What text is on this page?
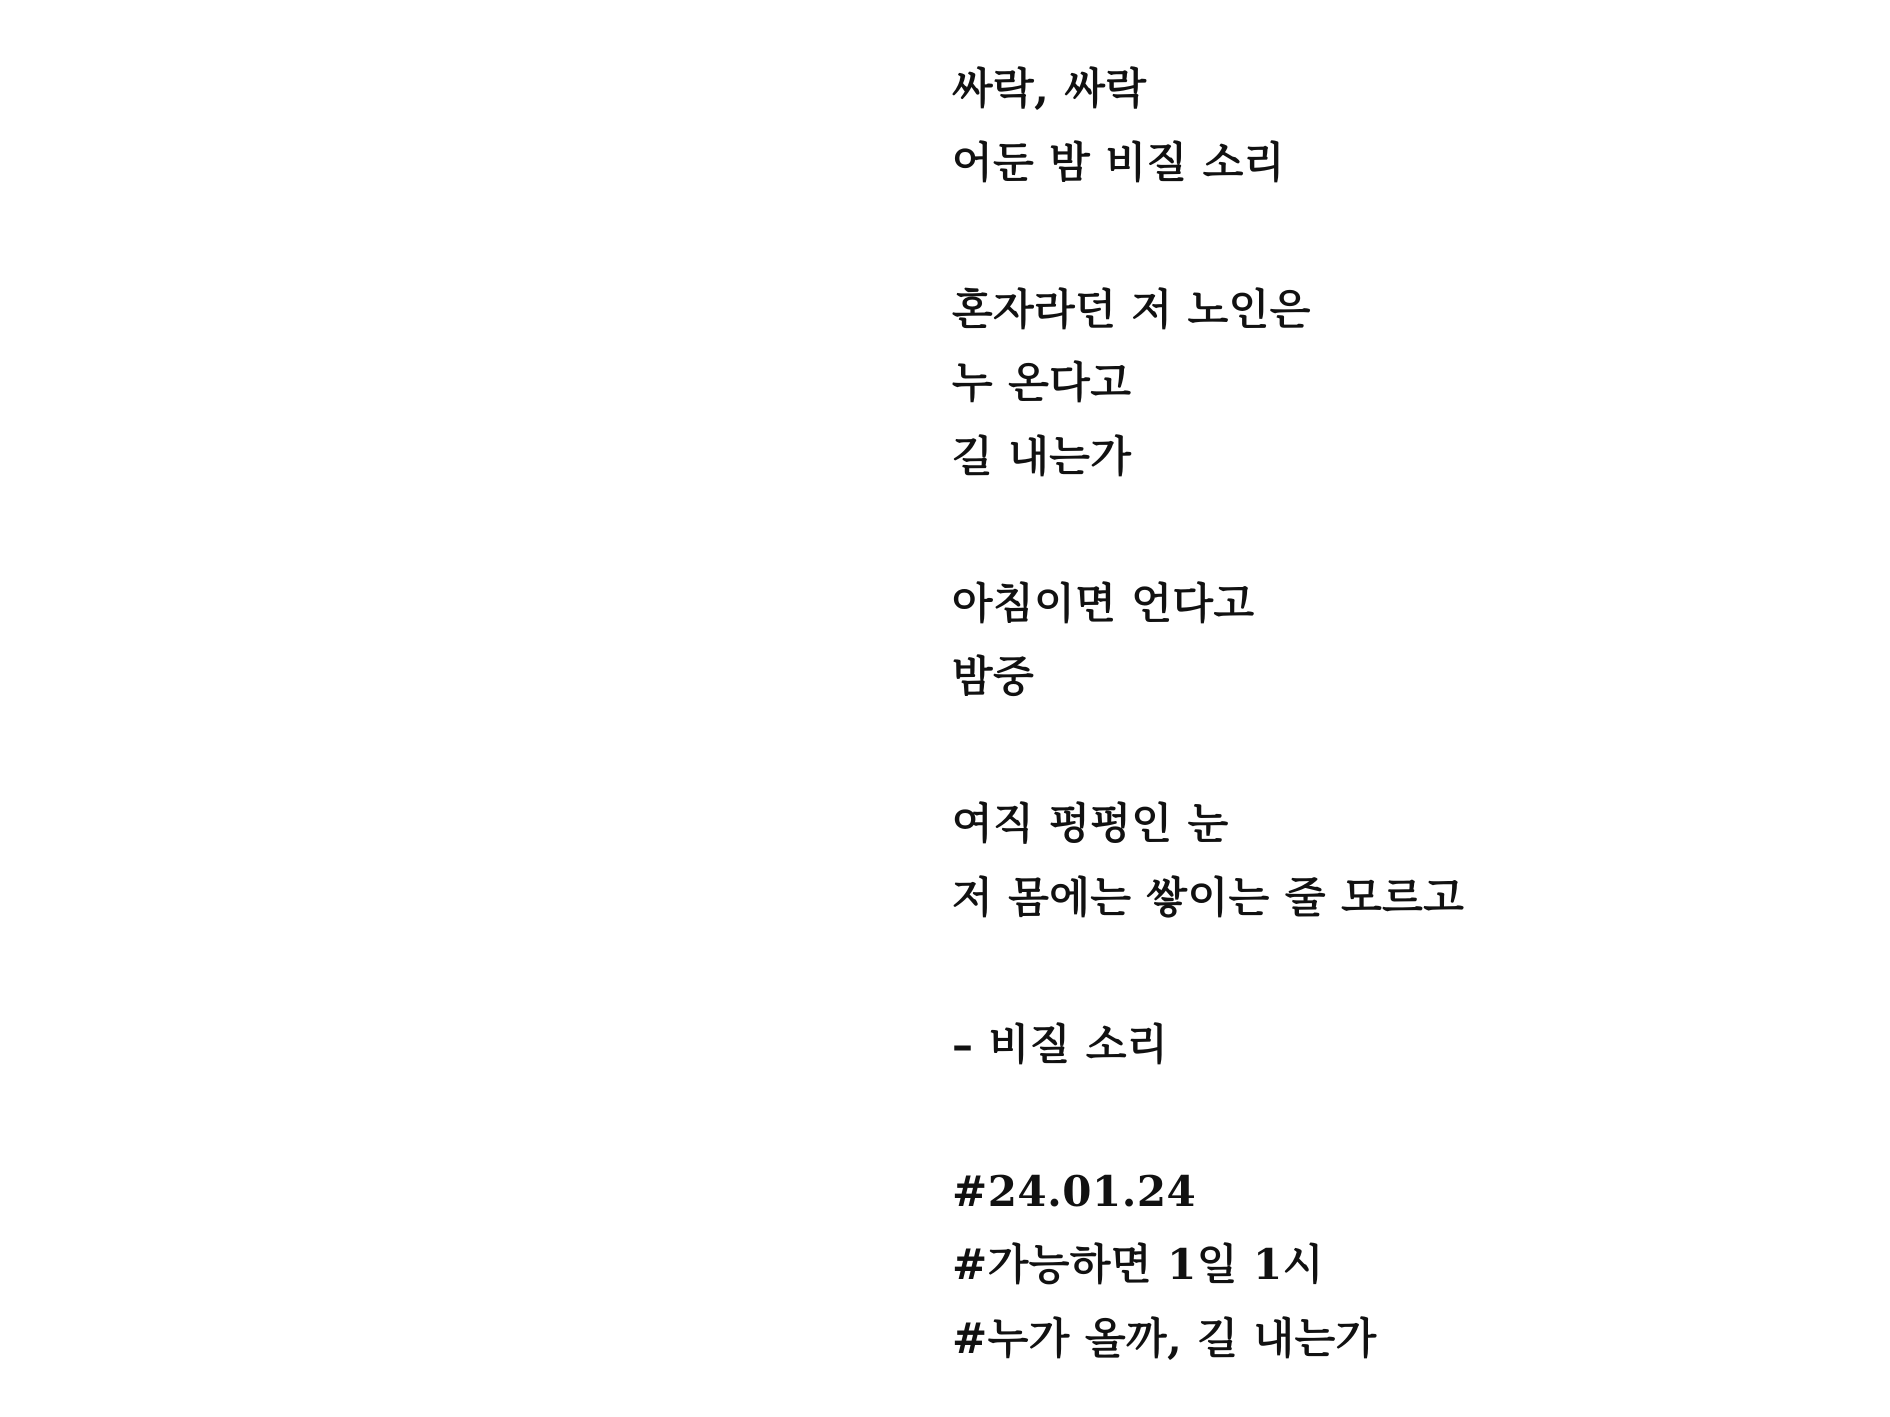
싸락, 싸락
어둔 밤 비질 소리
혼자라던 저 노인은
누 온다고
길 내는가
아침이면 언다고
밤중
여직 펑펑인 눈
저 몸에는 쌓이는 줄 모르고
– 비질 소리
#24.01.24
#가능하면 1일 1시
#누가 올까, 길 내는가
